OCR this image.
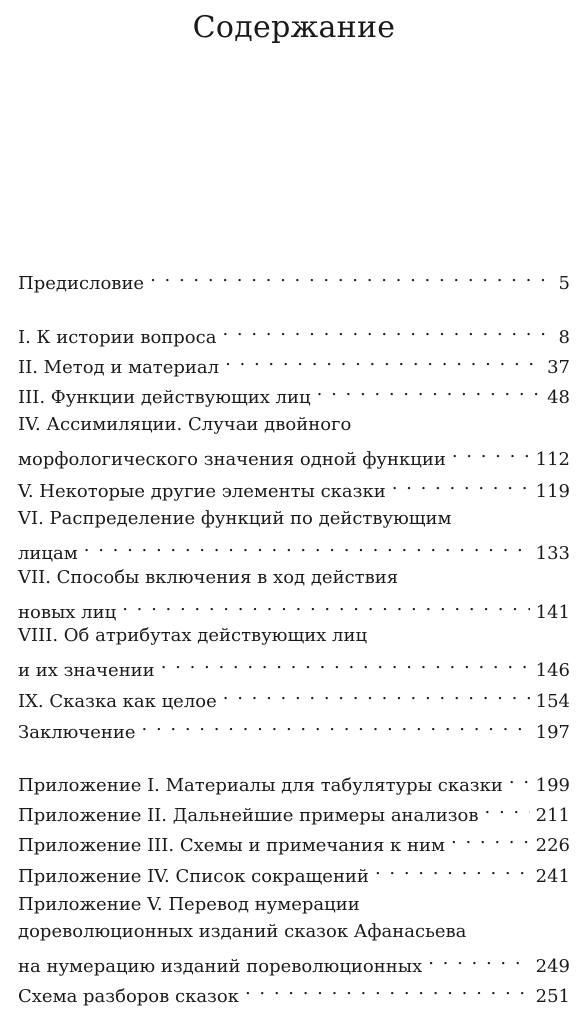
Содержание
Предисловие . . .	5
I. К истории вопроса . . .	8
II. Метод и материал . . .	37
III. Функции действующих лиц . . .	48
IV. Ассимиляции. Случаи двойного
морфологического значения одной функции . . .	112
V. Некоторые другие элементы сказки . . .	119
VI. Распределение функций по действующим
лицам . . .	133
VII. Способы включения в ход действия
новых лиц . . .	141
VIII. Об атрибутах действующих лиц
и их значении . . .	146
IX. Сказка как целое . . .	154
Заключение . . .	197
Приложение I. Материалы для табулятуры сказки . . . 199
Приложение II. Дальнейшие примеры анализов . . .	211
Приложение III. Схемы и примечания к ним . . .	226
Приложение IV. Список сокращений . . .	241
Приложение V. Перевод нумерации
дореволюционных изданий сказок Афанасьева
на нумерацию изданий пореволюционных . . .	249
Схема разборов сказок . . .	251
